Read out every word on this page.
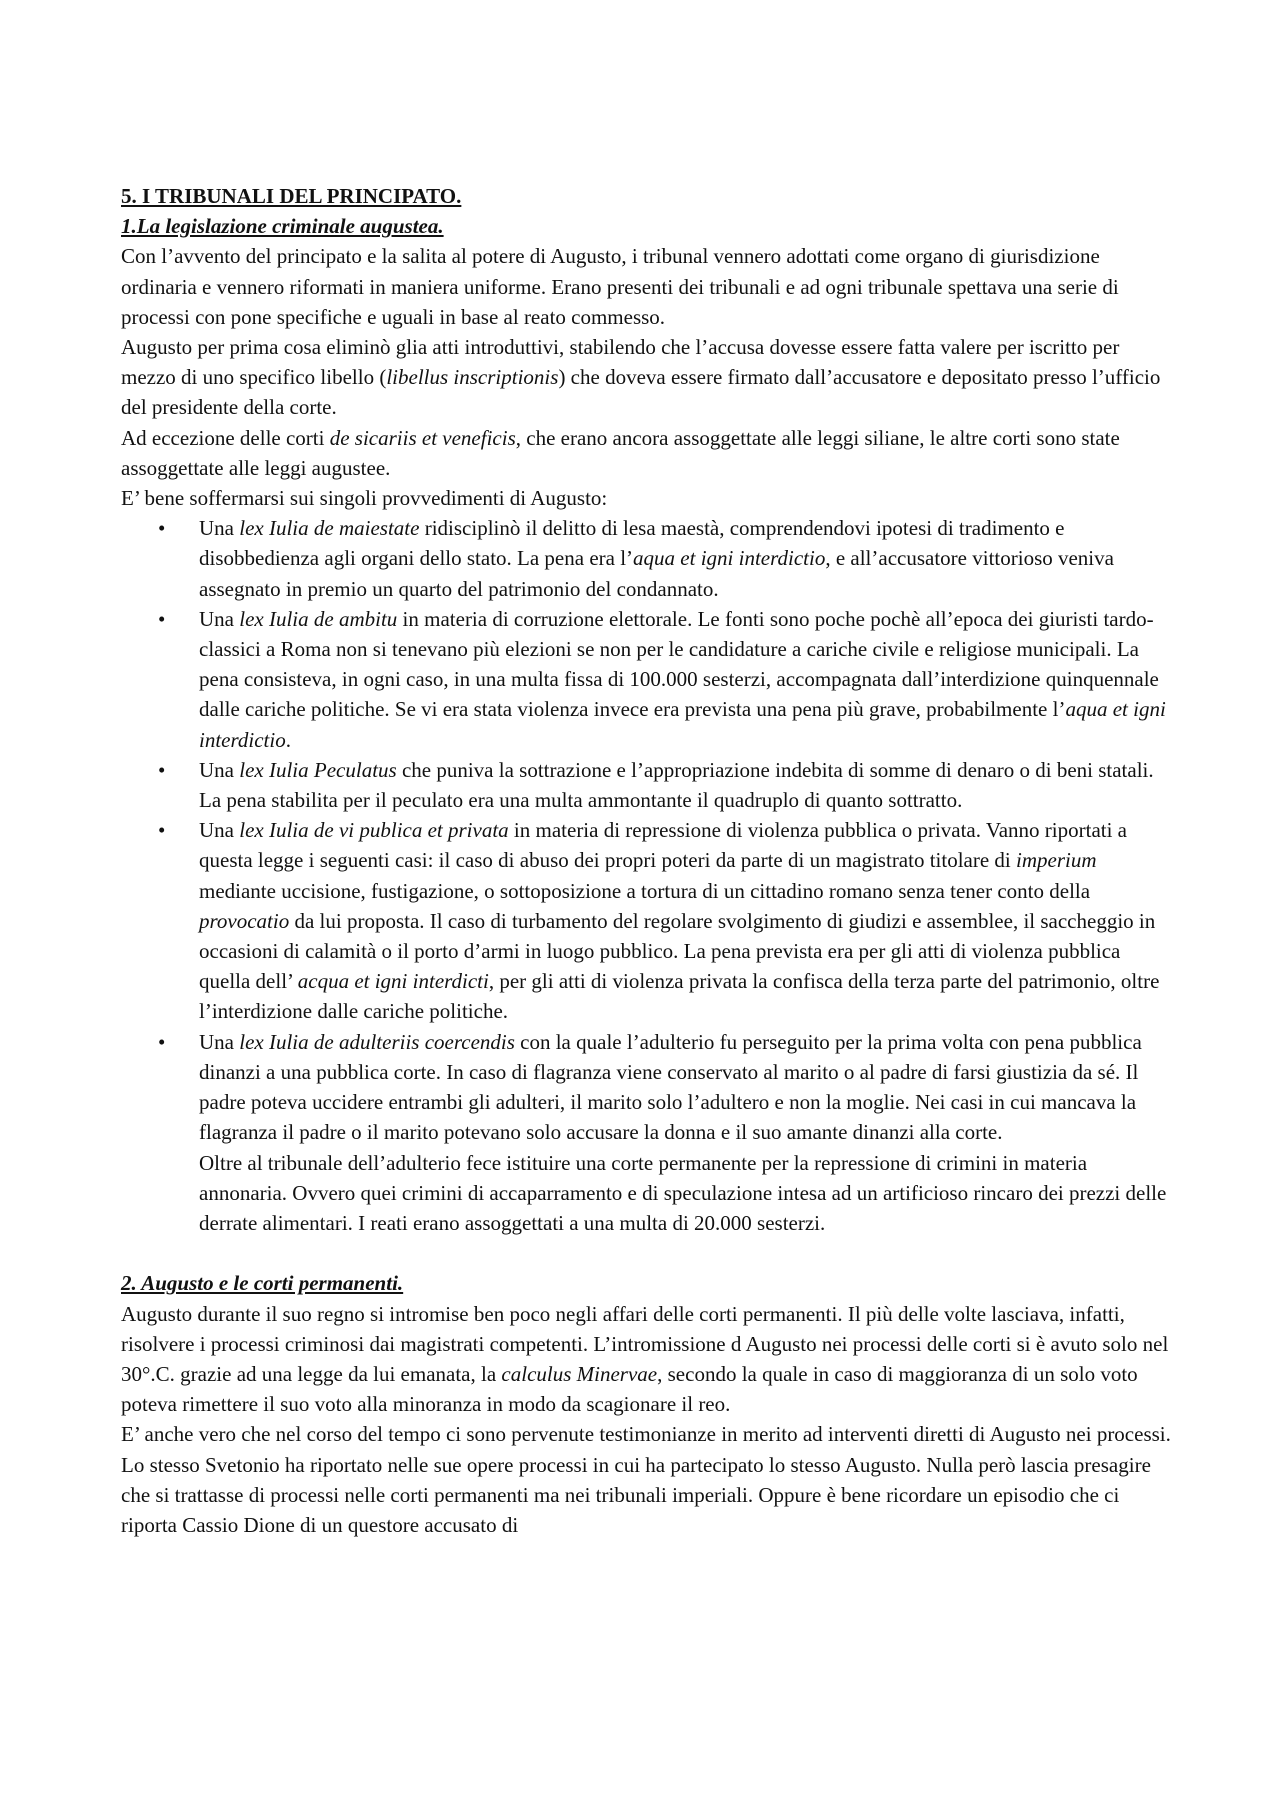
5. I TRIBUNALI DEL PRINCIPATO.

1.La legislazione criminale augustea.

Con l’avvento del principato e la salita al potere di Augusto, i tribunal vennero adottati come organo di giurisdizione ordinaria e vennero riformati in maniera uniforme. Erano presenti dei tribunali e ad ogni tribunale spettava una serie di processi con pone specifiche e uguali in base al reato commesso.

Augusto per prima cosa eliminò glia atti introduttivi, stabilendo che l’accusa dovesse essere fatta valere per iscritto per mezzo di uno specifico libello (libellus inscriptionis) che doveva essere firmato dall’accusatore e depositato presso l’ufficio del presidente della corte.

Ad eccezione delle corti de sicariis et veneficis, che erano ancora assoggettate alle leggi siliane, le altre corti sono state assoggettate alle leggi augustee.

E’ bene soffermarsi sui singoli provvedimenti di Augusto:

• Una lex Iulia de maiestate ridisciplinò il delitto di lesa maestà, comprendendovi ipotesi di tradimento e disobbedienza agli organi dello stato. La pena era l’aqua et igni interdictio, e all’accusatore vittorioso veniva assegnato in premio un quarto del patrimonio del condannato.
• Una lex Iulia de ambitu in materia di corruzione elettorale. Le fonti sono poche pochè all’epoca dei giuristi tardo-classici a Roma non si tenevano più elezioni se non per le candidature a cariche civile e religiose municipali. La pena consisteva, in ogni caso, in una multa fissa di 100.000 sesterzi, accompagnata dall’interdizione quinquennale dalle cariche politiche. Se vi era stata violenza invece era prevista una pena più grave, probabilmente l’aqua et igni interdictio.
• Una lex Iulia Peculatus che puniva la sottrazione e l’appropriazione indebita di somme di denaro o di beni statali. La pena stabilita per il peculato era una multa ammontante il quadruplo di quanto sottratto.
• Una lex Iulia de vi publica et privata in materia di repressione di violenza pubblica o privata. Vanno riportati a questa legge i seguenti casi: il caso di abuso dei propri poteri da parte di un magistrato titolare di imperium mediante uccisione, fustigazione, o sottoposizione a tortura di un cittadino romano senza tener conto della provocatio da lui proposta. Il caso di turbamento del regolare svolgimento di giudizi e assemblee, il saccheggio in occasioni di calamità o il porto d’armi in luogo pubblico. La pena prevista era per gli atti di violenza pubblica quella dell’ acqua et igni interdicti, per gli atti di violenza privata la confisca della terza parte del patrimonio, oltre l’interdizione dalle cariche politiche.
• Una lex Iulia de adulteriis coercendis con la quale l’adulterio fu perseguito per la prima volta con pena pubblica dinanzi a una pubblica corte. In caso di flagranza viene conservato al marito o al padre di farsi giustizia da sé. Il padre poteva uccidere entrambi gli adulteri, il marito solo l’adultero e non la moglie. Nei casi in cui mancava la flagranza il padre o il marito potevano solo accusare la donna e il suo amante dinanzi alla corte.

Oltre al tribunale dell’adulterio fece istituire una corte permanente per la repressione di crimini in materia annonaria. Ovvero quei crimini di accaparramento e di speculazione intesa ad un artificioso rincaro dei prezzi delle derrate alimentari. I reati erano assoggettati a una multa di 20.000 sesterzi.

2. Augusto e le corti permanenti.

Augusto durante il suo regno si intromise ben poco negli affari delle corti permanenti. Il più delle volte lasciava, infatti, risolvere i processi criminosi dai magistrati competenti. L’intromissione d Augusto nei processi delle corti si è avuto solo nel 30°.C. grazie ad una legge da lui emanata, la calculus Minervae, secondo la quale in caso di maggioranza di un solo voto poteva rimettere il suo voto alla minoranza in modo da scagionare il reo.

E’ anche vero che nel corso del tempo ci sono pervenute testimonianze in merito ad interventi diretti di Augusto nei processi. Lo stesso Svetonio ha riportato nelle sue opere processi in cui ha partecipato lo stesso Augusto. Nulla però lascia presagire che si trattasse di processi nelle corti permanenti ma nei tribunali imperiali. Oppure è bene ricordare un episodio che ci riporta Cassio Dione di un questore accusato di
